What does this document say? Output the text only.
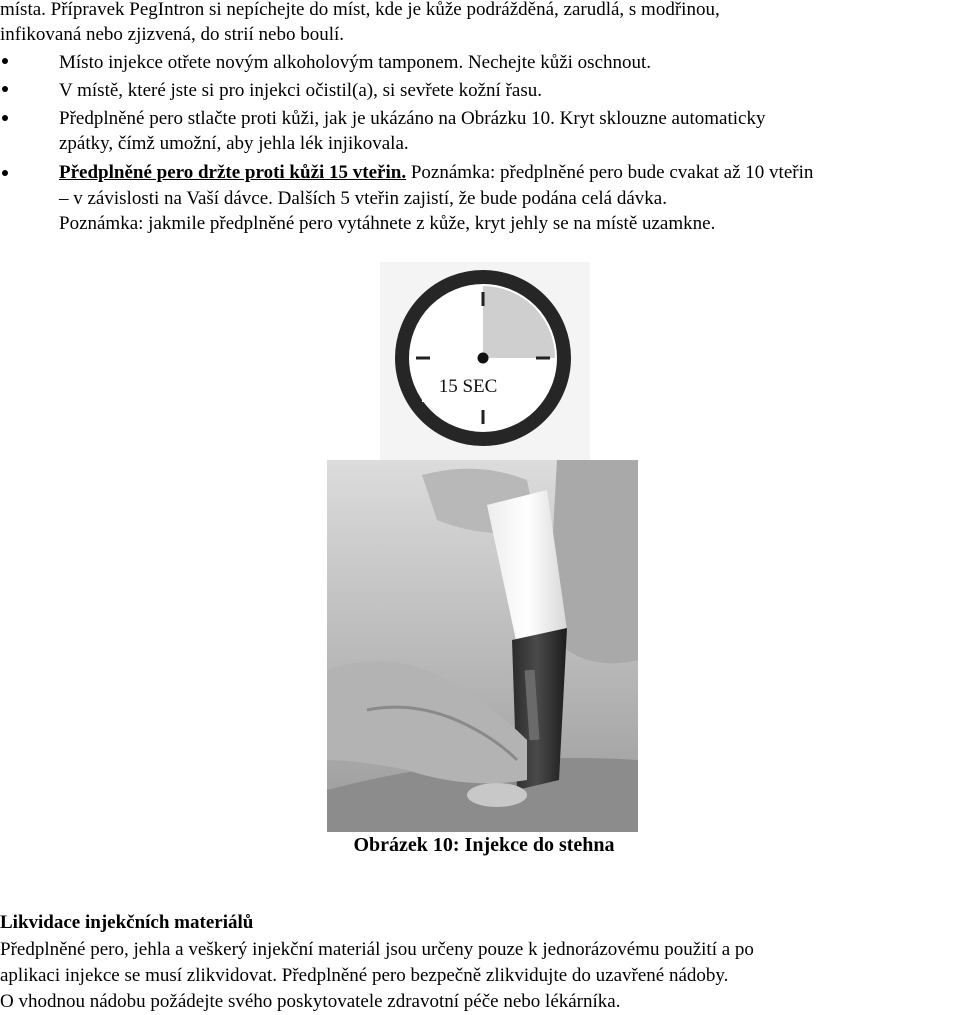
místa. Přípravek PegIntron si nepíchejte do míst, kde je kůže podrážděná, zarudlá, s modřinou,
infikovaná nebo zjizvená, do strií nebo boulí.
Místo injekce otřete novým alkoholovým tamponem. Nechejte kůži oschnout.
V místě, které jste si pro injekci očistil(a), si sevřete kožní řasu.
Předplněné pero stlačte proti kůži, jak je ukázáno na Obrázku 10. Kryt sklouzne automaticky
zpátky, čímž umožní, aby jehla lék injikovala.
Předplněné pero držte proti kůži 15 vteřin. Poznámka: předplněné pero bude cvakat až 10 vteřin
– v závislosti na Vaší dávce. Dalších 5 vteřin zajistí, že bude podána celá dávka.
Poznámka: jakmile předplněné pero vytáhnete z kůže, kryt jehly se na místě uzamkne.
15 SEC
Obrázek 10: Injekce do stehna
Likvidace injekčních materiálů
Předplněné pero, jehla a veškerý injekční materiál jsou určeny pouze k jednorázovému použití a po
aplikaci injekce se musí zlikvidovat. Předplněné pero bezpečně zlikvidujte do uzavřené nádoby.
O vhodnou nádobu požádejte svého poskytovatele zdravotní péče nebo lékárníka.
